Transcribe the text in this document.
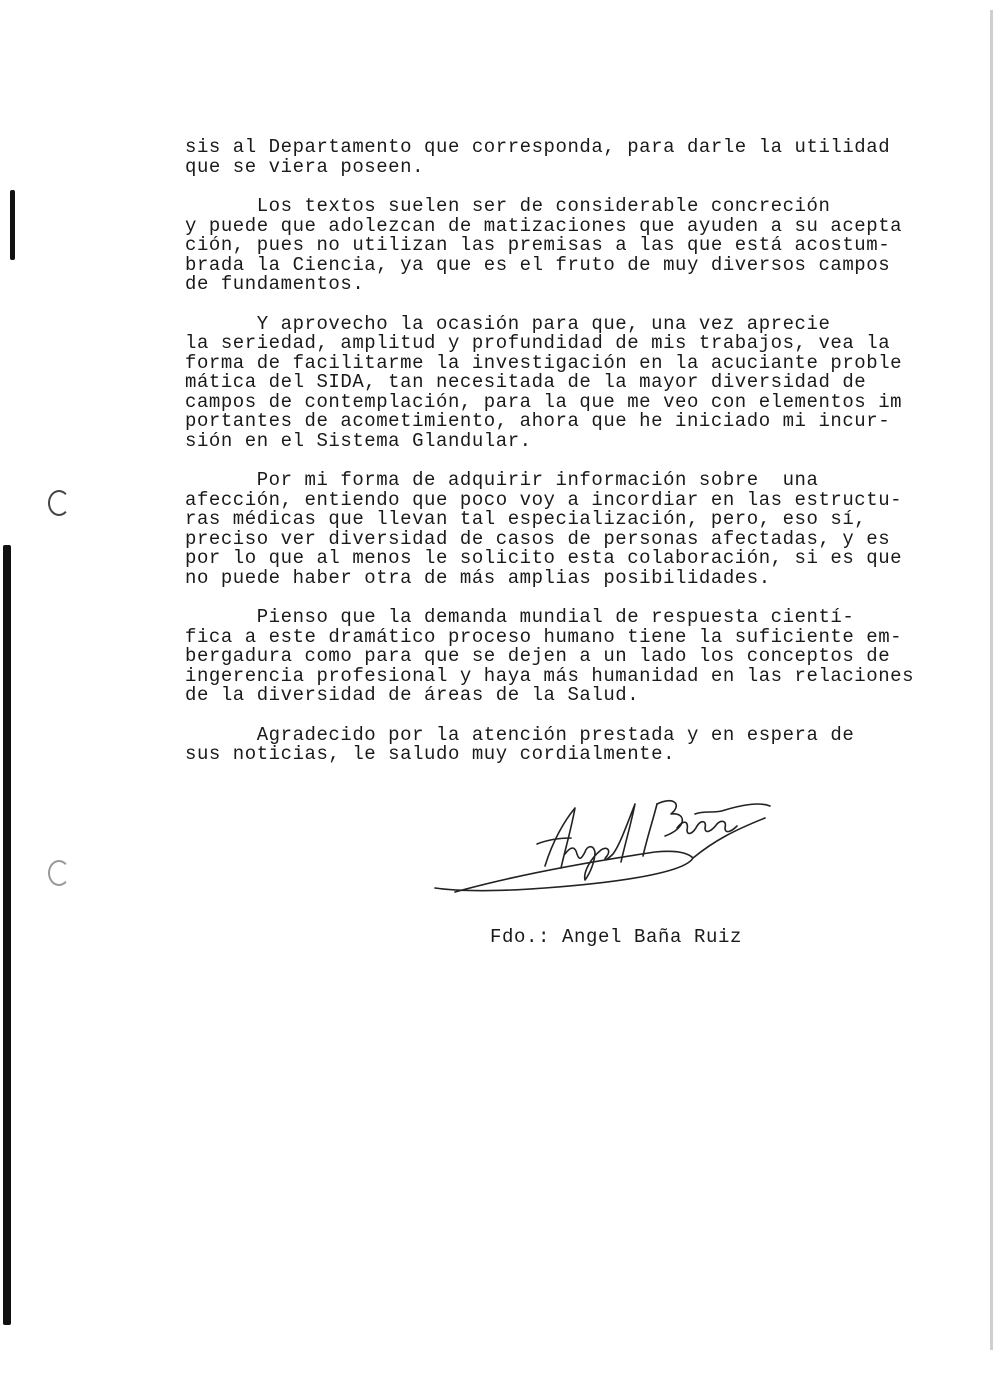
sis al Departamento que corresponda, para darle la utilidad
que se viera poseen.
Los textos suelen ser de considerable concreción
y puede que adolezcan de matizaciones que ayuden a su acepta
ción, pues no utilizan las premisas a las que está acostum-
brada la Ciencia, ya que es el fruto de muy diversos campos
de fundamentos.
Y aprovecho la ocasión para que, una vez aprecie
la seriedad, amplitud y profundidad de mis trabajos, vea la
forma de facilitarme la investigación en la acuciante proble
mática del SIDA, tan necesitada de la mayor diversidad de
campos de contemplación, para la que me veo con elementos im
portantes de acometimiento, ahora que he iniciado mi incur-
sión en el Sistema Glandular.
Por mi forma de adquirir información sobre  una
afección, entiendo que poco voy a incordiar en las estructu-
ras médicas que llevan tal especialización, pero, eso sí,
preciso ver diversidad de casos de personas afectadas, y es
por lo que al menos le solicito esta colaboración, si es que
no puede haber otra de más amplias posibilidades.
Pienso que la demanda mundial de respuesta cientí-
fica a este dramático proceso humano tiene la suficiente em-
bergadura como para que se dejen a un lado los conceptos de
ingerencia profesional y haya más humanidad en las relaciones
de la diversidad de áreas de la Salud.
Agradecido por la atención prestada y en espera de
sus noticias, le saludo muy cordialmente.
Fdo.: Angel Baña Ruiz
